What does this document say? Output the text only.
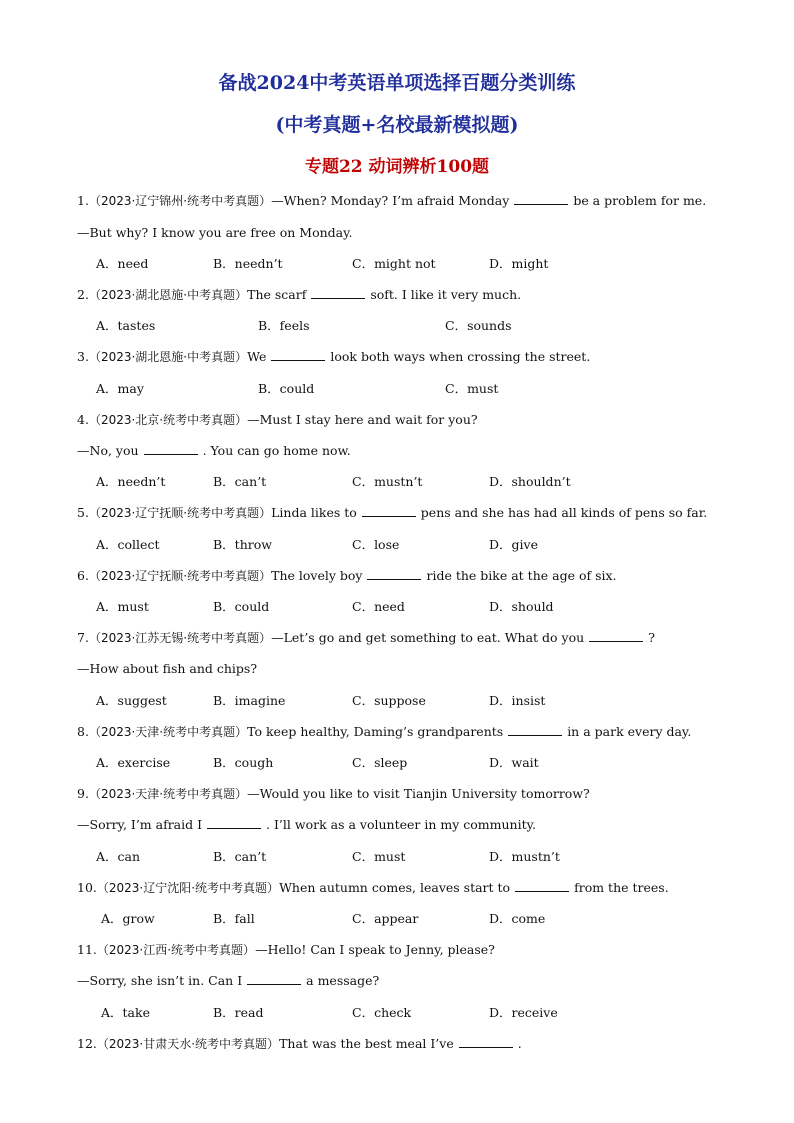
备战2024中考英语单项选择百题分类训练
(中考真题+名校最新模拟题)
专题22 动词辨析100题
1.（2023·辽宁锦州·统考中考真题）—When? Monday? I’m afraid Monday	be a problem for me.
—But why? I know you are free on Monday.
A．need	B．needn’t	C．might not	D．might
2.（2023·湖北恩施·中考真题）The scarf	soft. I like it very much.
A．tastes	B．feels	C．sounds
3.（2023·湖北恩施·中考真题）We	look both ways when crossing the street.
A．may	B．could	C．must
4.（2023·北京·统考中考真题）—Must I stay here and wait for you?
—No, you	. You can go home now.
A．needn’t	B．can’t	C．mustn’t	D．shouldn’t
5.（2023·辽宁抚顺·统考中考真题）Linda likes to	pens and she has had all kinds of pens so far.
A．collect	B．throw	C．lose	D．give
6.（2023·辽宁抚顺·统考中考真题）The lovely boy	ride the bike at the age of six.
A．must	B．could	C．need	D．should
7.（2023·江苏无锡·统考中考真题）—Let’s go and get something to eat. What do you	?
—How about fish and chips?
A．suggest	B．imagine	C．suppose	D．insist
8.（2023·天津·统考中考真题）To keep healthy, Daming’s grandparents	in a park every day.
A．exercise	B．cough	C．sleep	D．wait
9.（2023·天津·统考中考真题）—Would you like to visit Tianjin University tomorrow?
—Sorry, I’m afraid I	. I’ll work as a volunteer in my community.
A．can	B．can’t	C．must	D．mustn’t
10.（2023·辽宁沈阳·统考中考真题）When autumn comes, leaves start to	from the trees.
A．grow	B．fall	C．appear	D．come
11.（2023·江西·统考中考真题）—Hello! Can I speak to Jenny, please?
—Sorry, she isn’t in. Can I	a message?
A．take	B．read	C．check	D．receive
12.（2023·甘肃天水·统考中考真题）That was the best meal I’ve	.
